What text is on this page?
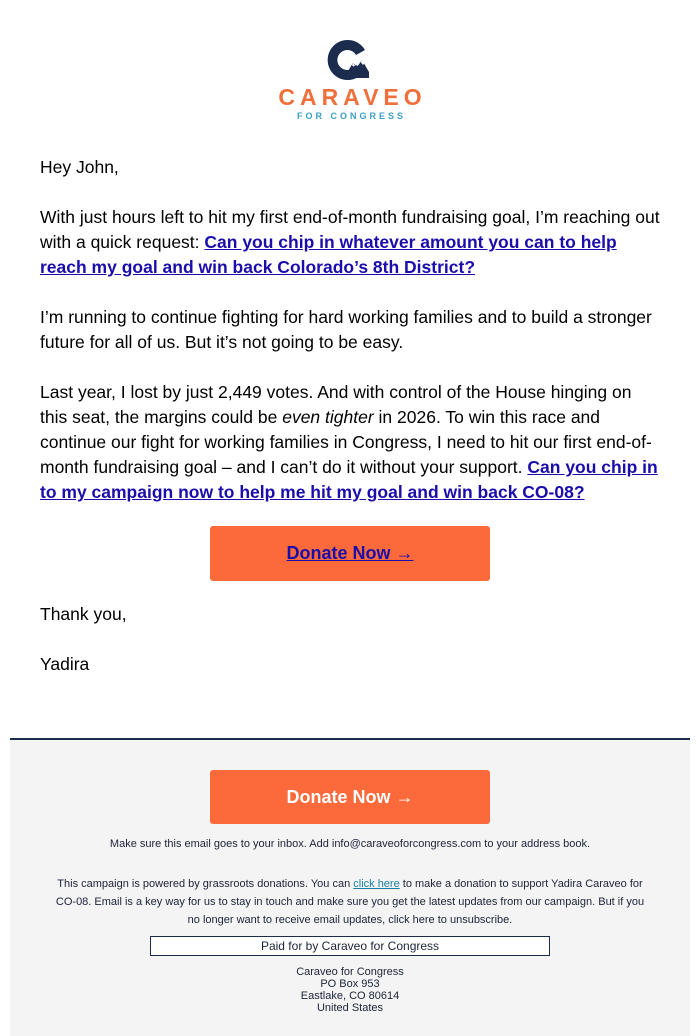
CARAVEO
FOR CONGRESS

Hey John,

With just hours left to hit my first end-of-month fundraising goal, I’m reaching out with a quick request: Can you chip in whatever amount you can to help reach my goal and win back Colorado’s 8th District?

I’m running to continue fighting for hard working families and to build a stronger future for all of us. But it’s not going to be easy.

Last year, I lost by just 2,449 votes. And with control of the House hinging on this seat, the margins could be even tighter in 2026. To win this race and continue our fight for working families in Congress, I need to hit our first end-of-month fundraising goal – and I can’t do it without your support. Can you chip in to my campaign now to help me hit my goal and win back CO-08?

Donate Now →

Thank you,

Yadira

Donate Now →
Make sure this email goes to your inbox. Add info@caraveoforcongress.com to your address book.
This campaign is powered by grassroots donations. You can click here to make a donation to support Yadira Caraveo for CO-08. Email is a key way for us to stay in touch and make sure you get the latest updates from our campaign. But if you no longer want to receive email updates, click here to unsubscribe.
Paid for by Caraveo for Congress
Caraveo for Congress
PO Box 953
Eastlake, CO 80614
United States
